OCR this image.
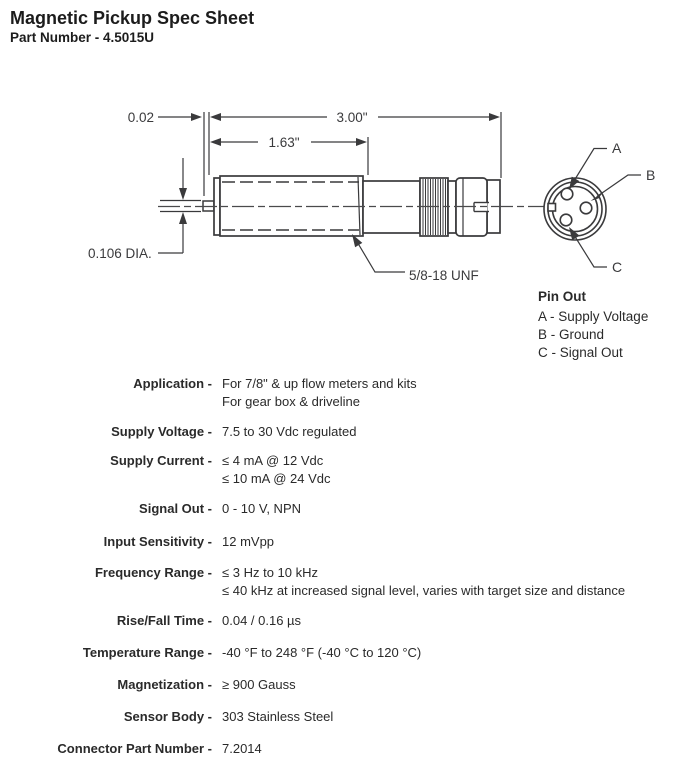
Magnetic Pickup Spec Sheet
Part Number - 4.5015U
0.02	3.00"
1.63"
0.106 DIA.
5/8-18 UNF
A
B
C
Pin Out
A - Supply Voltage
B - Ground
C - Signal Out
Application - For 7/8" & up flow meters and kits
For gear box & driveline
Supply Voltage - 7.5 to 30 Vdc regulated
Supply Current - ≤ 4 mA @ 12 Vdc
≤ 10 mA @ 24 Vdc
Signal Out - 0 - 10 V, NPN
Input Sensitivity - 12 mVpp
Frequency Range - ≤ 3 Hz to 10 kHz
≤ 40 kHz at increased signal level, varies with target size and distance
Rise/Fall Time - 0.04 / 0.16 µs
Temperature Range - -40 °F to 248 °F (-40 °C to 120 °C)
Magnetization - ≥ 900 Gauss
Sensor Body - 303 Stainless Steel
Connector Part Number - 7.2014
